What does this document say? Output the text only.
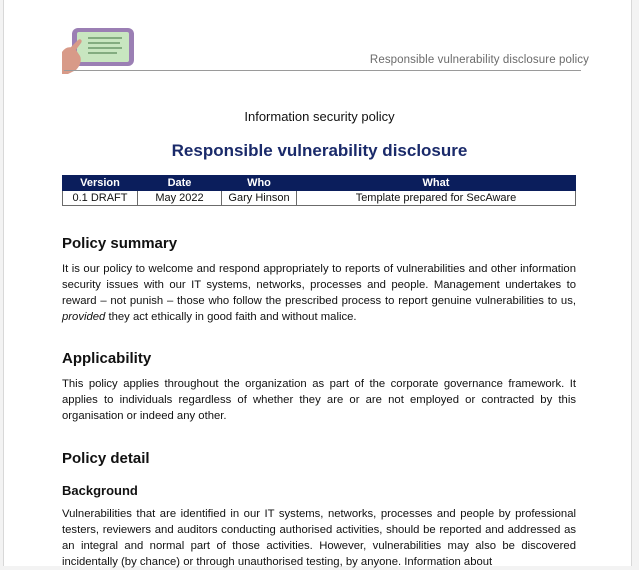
Responsible vulnerability disclosure policy
Information security policy
Responsible vulnerability disclosure
Version	Date	Who	What
0.1 DRAFT	May 2022	Gary Hinson	Template prepared for SecAware
Policy summary

It is our policy to welcome and respond appropriately to reports of vulnerabilities and other information security issues with our IT systems, networks, processes and people. Management undertakes to reward – not punish – those who follow the prescribed process to report genuine vulnerabilities to us, provided they act ethically in good faith and without malice.

Applicability

This policy applies throughout the organization as part of the corporate governance framework. It applies to individuals regardless of whether they are or are not employed or contracted by this organisation or indeed any other.

Policy detail
Background

Vulnerabilities that are identified in our IT systems, networks, processes and people by professional testers, reviewers and auditors conducting authorised activities, should be reported and addressed as an integral and normal part of those activities. However, vulnerabilities may also be discovered incidentally (by chance) or through unauthorised testing, by anyone. Information about
